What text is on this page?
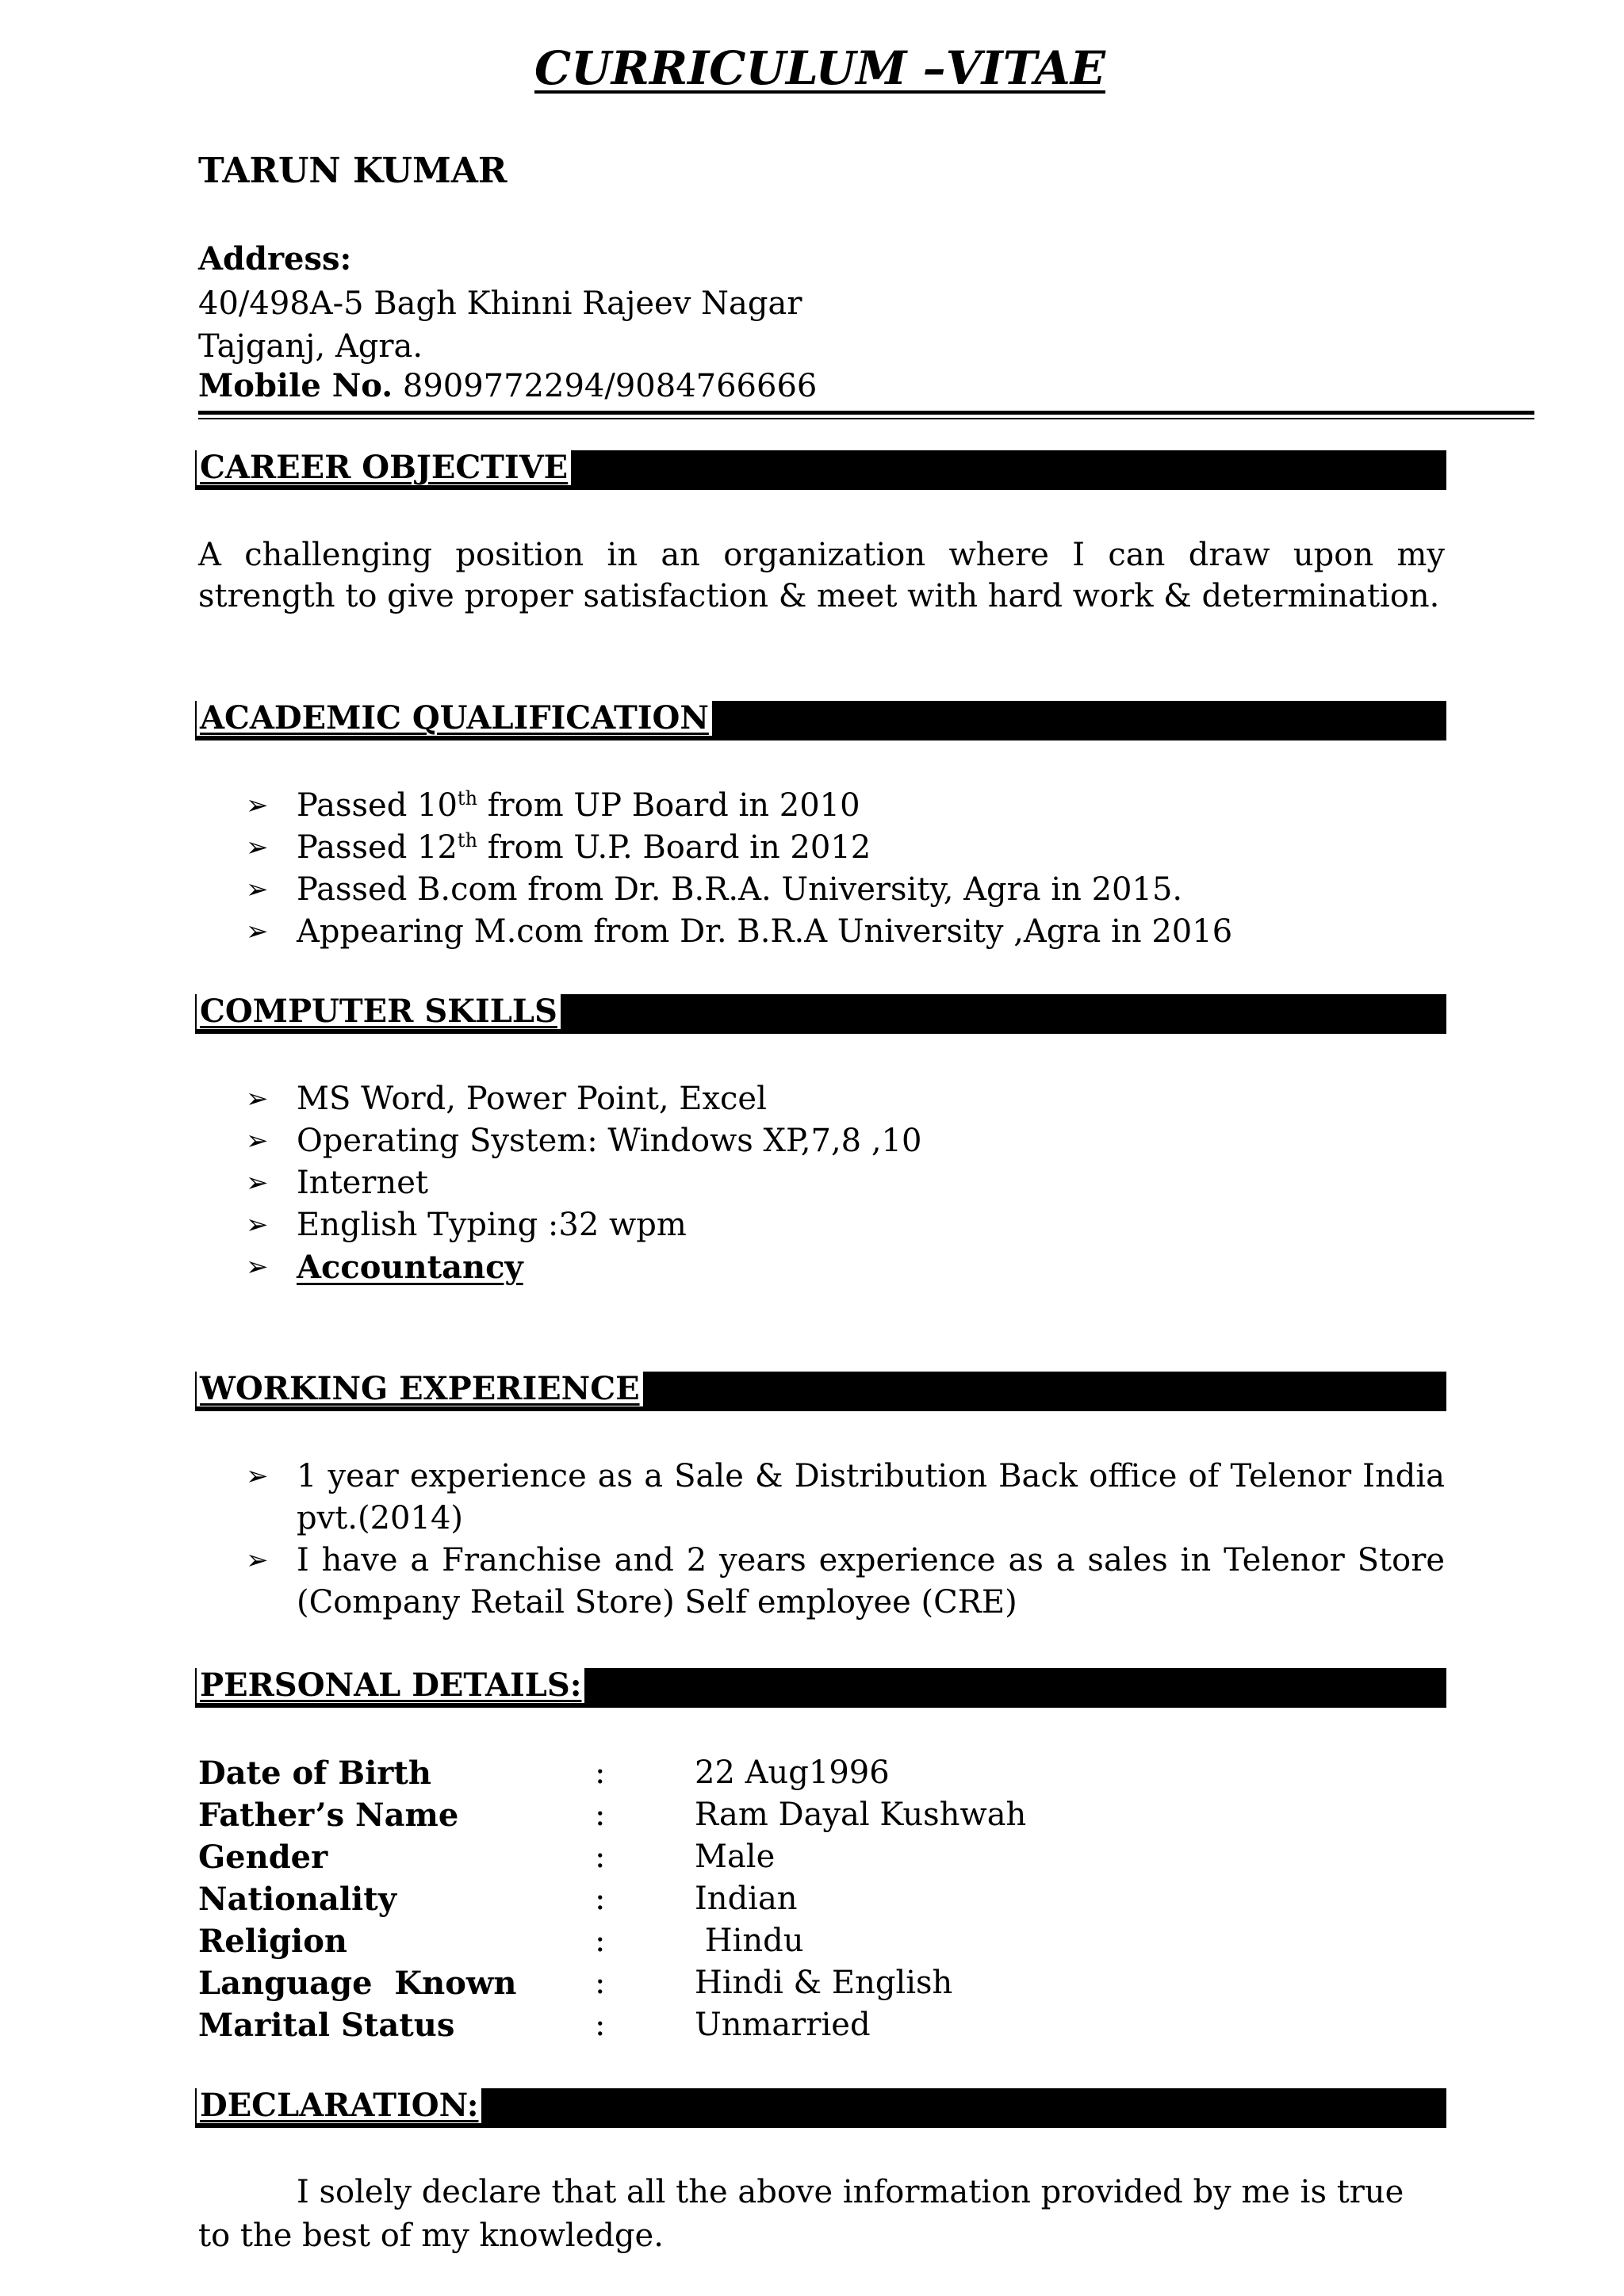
CURRICULUM –VITAE
TARUN KUMAR
Address:
40/498A-5 Bagh Khinni Rajeev Nagar
Tajganj, Agra.
Mobile No. 8909772294/9084766666
CAREER OBJECTIVE
A challenging position in an organization where I can draw upon my strength to give proper satisfaction & meet with hard work & determination.
ACADEMIC QUALIFICATION
➢ Passed 10th from UP Board in 2010
➢ Passed 12th from U.P. Board in 2012
➢ Passed B.com from Dr. B.R.A. University, Agra in 2015.
➢ Appearing M.com from Dr. B.R.A University ,Agra in 2016
COMPUTER SKILLS
➢ MS Word, Power Point, Excel
➢ Operating System: Windows XP,7,8 ,10
➢ Internet
➢ English Typing :32 wpm
➢ Accountancy
WORKING EXPERIENCE
➢ 1 year experience as a Sale & Distribution Back office of Telenor India pvt.(2014)
➢ I have a Franchise and 2 years experience as a sales in Telenor Store (Company Retail Store) Self employee (CRE)
PERSONAL DETAILS:
Date of Birth	:	22 Aug1996
Father’s Name	:	Ram Dayal Kushwah
Gender	:	Male
Nationality	:	Indian
Religion	:	Hindu
Language  Known :	Hindi & English
Marital Status	:	Unmarried
DECLARATION:
I solely declare that all the above information provided by me is true to the best of my knowledge.
